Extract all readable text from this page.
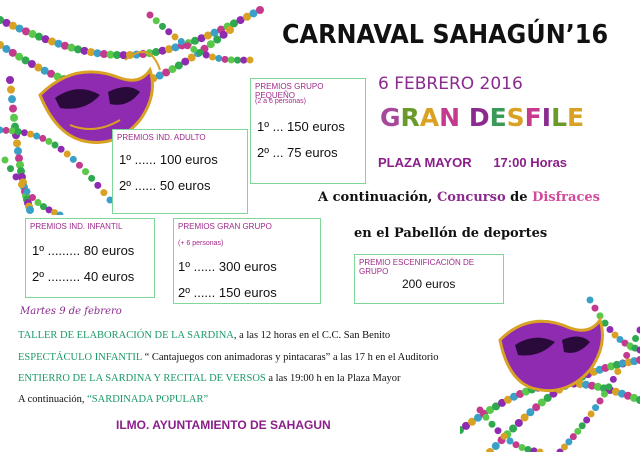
CARNAVAL SAHAGÚN’16
6 FEBRERO 2016
GRAN DESFILE
PLAZA MAYOR 17:00 Horas
A continuación, Concurso de Disfraces
en el Pabellón de deportes
PREMIOS IND. ADULTO
1º ...... 100 euros
2º ...... 50 euros
PREMIOS GRUPO PEQUEÑO
(2 a 6 personas)
1º ... 150 euros
2º ... 75 euros
PREMIOS IND. INFANTIL
1º ......... 80 euros
2º ......... 40 euros
PREMIOS GRAN GRUPO
(+ 6 personas)
1º ...... 300 euros
2º ...... 150 euros
PREMIO ESCENIFICACIÓN DE GRUPO
200 euros
Martes 9 de febrero
TALLER DE ELABORACIÓN DE LA SARDINA, a las 12 horas en el C.C. San Benito
ESPECTÁCULO INFANTIL “ Cantajuegos con animadoras y pintacaras” a las 17 h en el Auditorio
ENTIERRO DE LA SARDINA Y RECITAL DE VERSOS a las 19:00 h en la Plaza Mayor
A continuación, “SARDINADA POPULAR”
ILMO. AYUNTAMIENTO DE SAHAGUN
